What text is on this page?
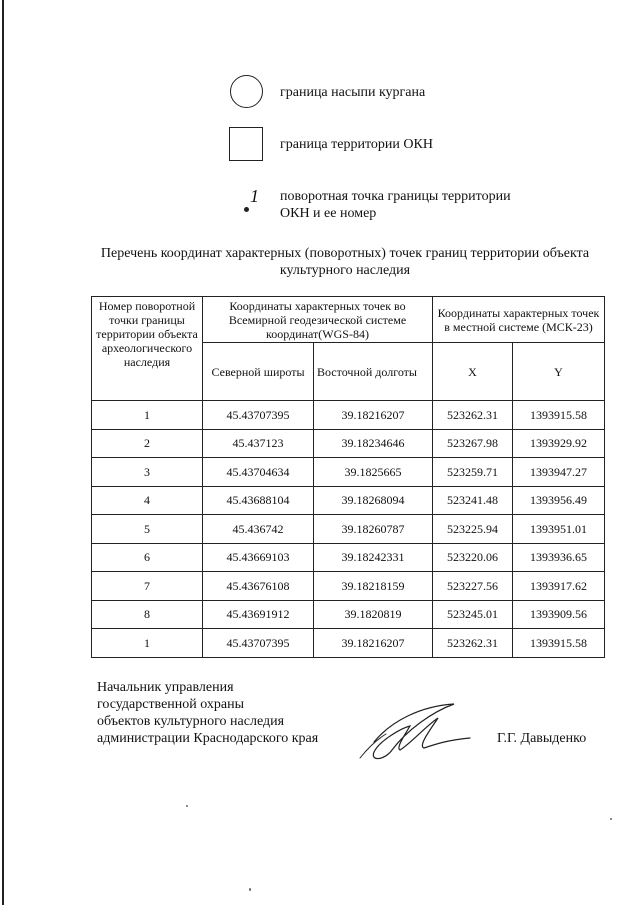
граница насыпи кургана
граница территории ОКН
1 поворотная точка границы территории ОКН и ее номер
Перечень координат характерных (поворотных) точек границ территории объекта культурного наследия
Номер поворотной точки границы территории объекта археологического наследия	Координаты характерных точек во Всемирной геодезической системе координат(WGS-84)		Координаты характерных точек в местной системе (МСК-23)	
	Северной широты	Восточной долготы	X	Y
1	45.43707395	39.18216207	523262.31	1393915.58
2	45.437123	39.18234646	523267.98	1393929.92
3	45.43704634	39.1825665	523259.71	1393947.27
4	45.43688104	39.18268094	523241.48	1393956.49
5	45.436742	39.18260787	523225.94	1393951.01
6	45.43669103	39.18242331	523220.06	1393936.65
7	45.43676108	39.18218159	523227.56	1393917.62
8	45.43691912	39.1820819	523245.01	1393909.56
1	45.43707395	39.18216207	523262.31	1393915.58
Начальник управления
государственной охраны
объектов культурного наследия
администрации Краснодарского края	Г.Г. Давыденко
